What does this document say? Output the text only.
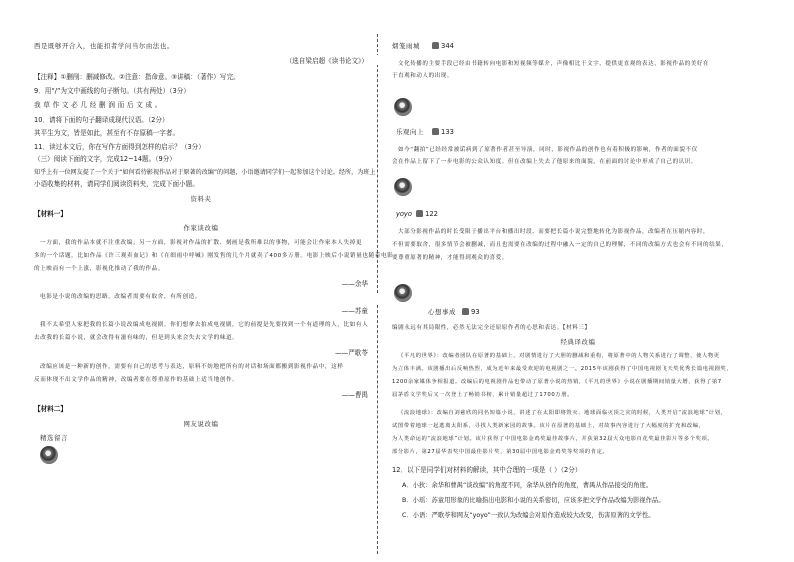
西是既够开合入，也能扣者学问当尔由法也。
（选自梁启超《读书论文》）
【注释】①删削：删减修改。②注意：指命意。③讲稿：（著作）写完。
9．用“/”为文中画线的句子断句。（共有两处）（3分）
我 草 作 文 必 几 经 删 润 而 后 文 成 。
10．请将下面的句子翻译成现代汉语。（2分）
其平生为文，皆是如此，甚至有不存原稿一字者。
11．读过本文后，你在写作方面得到怎样的启示？（3分）
（三）阅读下面的文字，完成12~14题。（9分）
知乎上有一位网友提了一个关于“如何看待影视作品对于原著的改编”的问题，小语邀请同学们一起参加这个讨论。经所，为班上
小语收集的材料，请同学们阅读资料夹，完成下面小题。
资料夹
【材料一】
作家谈改编
一方面，我的作品本就不注重改编；另一方面，影视对作品的扩散、刻画是我所难以的事物，可能会让作家本人失掉更
多的一个话题，比如作品《许三观卖血记》和《在细雨中呼喊》刚发售的几个月就卖了400多万册。电影上映后小说销量也随着电影
的上映而有一个上涨，影视化推动了我的作品。
——余华
电影是小说的改编的思路，改编者需要有取舍，有所创造。
——苏童
我不太希望人家把我的长篇小说改编成电视剧。你们想拿去拍成电视剧，它的前提是先要找到一个有道理的人，比如有人
去改我的长篇小说，就会改得有滋有味的，但是到头来会失去文学的味道。
——严歌苓
改编应该是一种新的创作，需要有自己的思考与表达，原料不妨地把所有的对话和场面都搬到影视作品中，这样
反而体现不出文学作品的精神，改编者要在尊重原作的基础上适当地创作。
——曹禺
【材料二】
网友说改编
精选留言
烟笼雨城	344
文化传播的主要手段已经由书籍转向电影和短视频等媒介，声像相比于文字，提供更直观的表达，影视作品的美好在
于直观和动人的出现。
乐观向上	133
如今“翻拍”已经经常被诟病到了原著作者甚至导演，同时，影视作品的创作也有着积极的影响，作者的面貌不仅
会在作品上留下了一步电影的公众认知度。但在改编上失去了他原来的面貌，在前面的讨论中形成了自己的认识。
yoyo	122
大部分影视作品的时长受限于播出平台和播出时段，而要把长篇小说完整地转化为影视作品，改编者在压缩内容时，
不但需要取舍，很多情节会被删减，而且也需要在改编的过程中融入一定的自己的理解，不同的改编方式也会有不同的结果，
要尊重原著的精神，才能得到观众的喜爱。
心想事成	93
编剧永远有其局限性，必然无法完全还原原作者的心思和表达。【材料三】
经典译改编
《平凡的世界》：改编者团队在原著的基础上，对剧情进行了大胆的删减和重构，将原著中的人物关系进行了调整，使人物更
为立体丰满。该剧播出后反响热烈，成为近年来最受欢迎的电视剧之一。2015年该剧获得了中国电视剧飞天奖优秀长篇电视剧奖，
1200余家媒体争相报道。改编后的电视剧作品也带动了原著小说的热销，《平凡的世界》小说在剧播期间销量大增，获得了第7
届茅盾文学奖后又一次登上了畅销书榜，累计销量超过了1700万册。
《流浪地球》：改编自刘慈欣的同名短篇小说，讲述了在太阳即将毁灭、地球面临灭顶之灾的时候，人类开启“流浪地球”计划，
试图带着地球一起逃离太阳系，寻找人类新家园的故事。该片在原著的基础上，对故事内容进行了大幅度的扩充和改编，
为人类命运的“流浪地球”计划。该片获得了中国电影金鸡奖最佳故事片，并获第32届大众电影百花奖最佳影片等多个奖项。
部分影片，第27届华表奖中国最佳影片奖，第30届中国电影金鸡奖等奖项的肯定。
12．以下是同学们对材料的解读，其中合理的一项是（ ）（2分）
A．小狄：余华和曹禺“谈改编”的角度不同，余华从创作的角度，曹禺从作品接受的角度。
B．小瑶：苏童用形象的比喻指出电影和小说的关系密切，应该多把文学作品改编为影视作品。
C．小语：严歌苓和网友“yoyo”一致认为改编会对原作造成较大改变，伤害原著的文学性。
